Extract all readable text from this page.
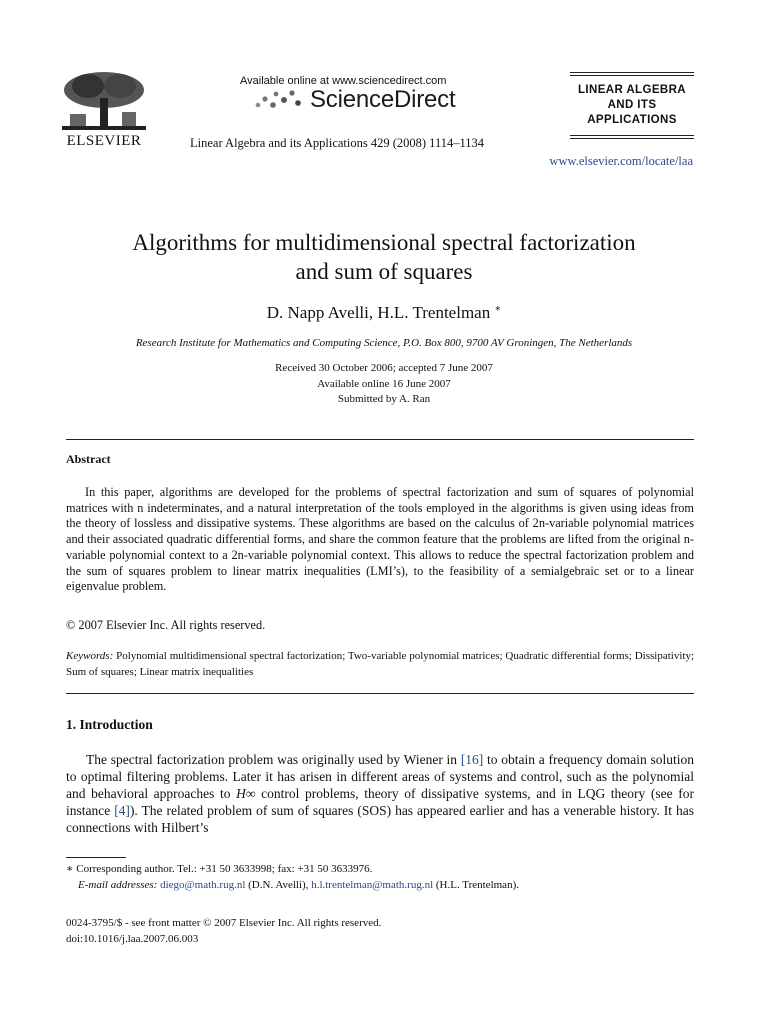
ELSEVIER
Available online at www.sciencedirect.com
ScienceDirect
Linear Algebra and its Applications 429 (2008) 1114–1134
LINEAR ALGEBRA
AND ITS
APPLICATIONS
www.elsevier.com/locate/laa
Algorithms for multidimensional spectral factorization
and sum of squares
D. Napp Avelli, H.L. Trentelman ∗
Research Institute for Mathematics and Computing Science, P.O. Box 800, 9700 AV Groningen, The Netherlands
Received 30 October 2006; accepted 7 June 2007
Available online 16 June 2007
Submitted by A. Ran
Abstract
In this paper, algorithms are developed for the problems of spectral factorization and sum of squares of polynomial matrices with n indeterminates, and a natural interpretation of the tools employed in the algorithms is given using ideas from the theory of lossless and dissipative systems. These algorithms are based on the calculus of 2n-variable polynomial matrices and their associated quadratic differential forms, and share the common feature that the problems are lifted from the original n-variable polynomial context to a 2n-variable polynomial context. This allows to reduce the spectral factorization problem and the sum of squares problem to linear matrix inequalities (LMI’s), to the feasibility of a semialgebraic set or to a linear eigenvalue problem.
© 2007 Elsevier Inc. All rights reserved.
Keywords: Polynomial multidimensional spectral factorization; Two-variable polynomial matrices; Quadratic differential forms; Dissipativity; Sum of squares; Linear matrix inequalities
1. Introduction
The spectral factorization problem was originally used by Wiener in [16] to obtain a frequency domain solution to optimal filtering problems. Later it has arisen in different areas of systems and control, such as the polynomial and behavioral approaches to H∞ control problems, theory of dissipative systems, and in LQG theory (see for instance [4]). The related problem of sum of squares (SOS) has appeared earlier and has a venerable history. It has connections with Hilbert’s
∗ Corresponding author. Tel.: +31 50 3633998; fax: +31 50 3633976.
E-mail addresses: diego@math.rug.nl (D.N. Avelli), h.l.trentelman@math.rug.nl (H.L. Trentelman).
0024-3795/$ - see front matter © 2007 Elsevier Inc. All rights reserved.
doi:10.1016/j.laa.2007.06.003
